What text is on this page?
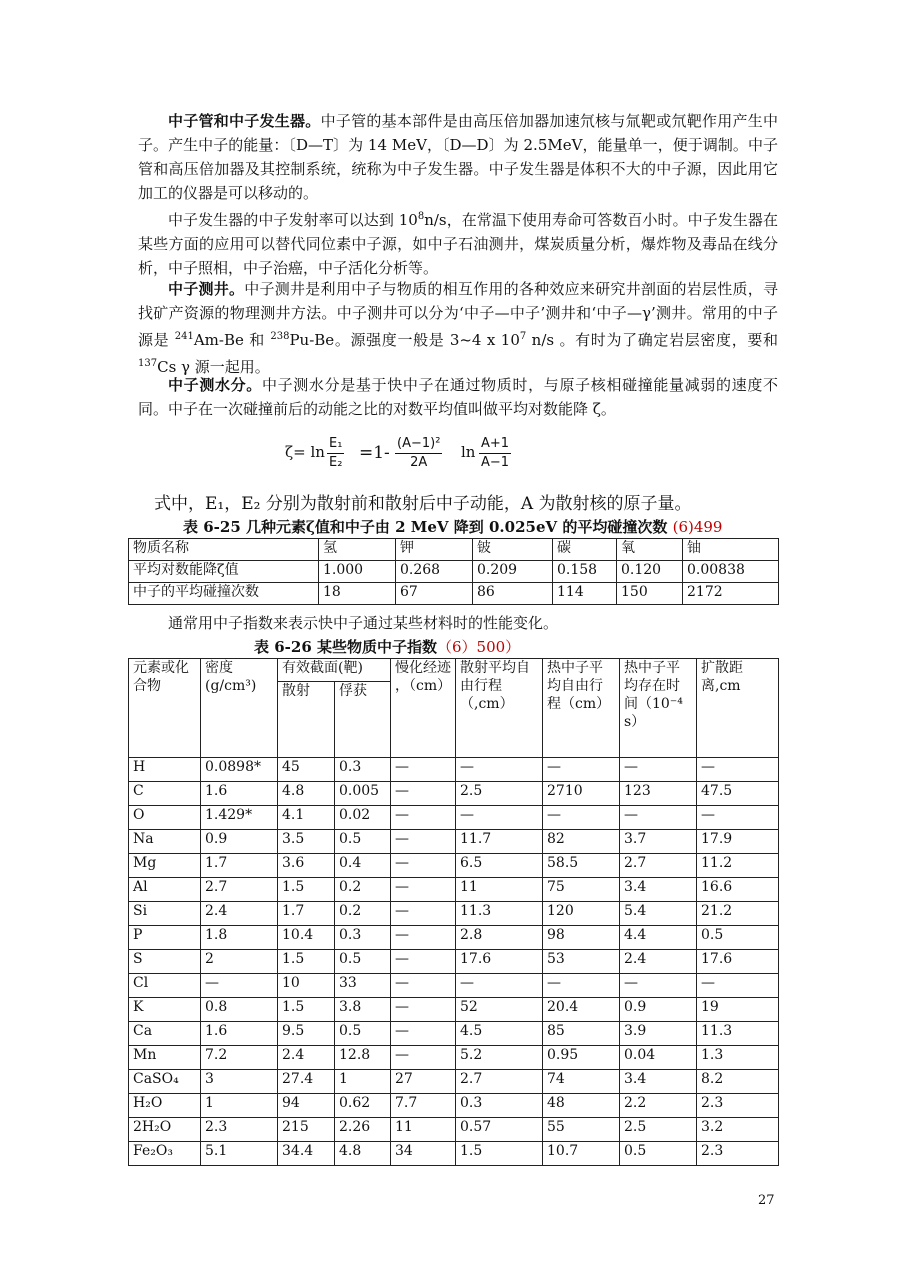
中子管和中子发生器。中子管的基本部件是由高压倍加器加速氘核与氚靶或氘靶作用产生中子。产生中子的能量：〔D—T〕为 14 MeV，〔D—D〕为 2.5MeV，能量单一，便于调制。中子管和高压倍加器及其控制系统，统称为中子发生器。中子发生器是体积不大的中子源，因此用它加工的仪器是可以移动的。

中子发生器的中子发射率可以达到 $10^8n/s$，在常温下使用寿命可答数百小时。中子发生器在某些方面的应用可以替代同位素中子源，如中子石油测井，煤炭质量分析，爆炸物及毒品在线分析，中子照相，中子治癌，中子活化分析等。

中子测井。中子测井是利用中子与物质的相互作用的各种效应来研究井剖面的岩层性质，寻找矿产资源的物理测井方法。中子测井可以分为‘中子—中子’测井和‘中子—γ’测井。常用的中子源是 $^{241}$Am-Be 和 $^{238}$Pu-Be。源强度一般是 3~4 x $10^7$ n/s 。有时为了确定岩层密度，要和 $^{137}$Cs γ 源一起用。

中子测水分。中子测水分是基于快中子在通过物质时，与原子核相碰撞能量减弱的速度不同。中子在一次碰撞前后的动能之比的对数平均值叫做平均对数能降 ζ。

$\zeta= \ln \frac{\text{E₁}}{\text{E₂}} =1- \frac{\text{(A−1)²}}{2A}$ $\ln \frac{A+1}{A-1}$
式中，E₁，E₂ 分别为散射前和散射后中子动能，A 为散射核的原子量。
表 6-25 几种元素ζ值和中子由 2 MeV 降到 0.025eV 的平均碰撞次数 (6)499
物质名称	氢	钾	铍	碳	氧	铀
平均对数能降ζ值	1.000	0.268	0.209	0.158	0.120	0.00838
中子的平均碰撞次数	18	67	86	114	150	2172
通常用中子指数来表示快中子通过某些材料时的性能变化。
表 6-26 某些物质中子指数（6）500）
元素或化合物	密度(g/cm³)	有效截面(靶)		慢化经迹 ，（cm）	散射平均自由行程（,cm）	热中子平均自由行程（cm）	热中子平均存在时间（10⁻⁴ s）	扩散距离,cm
		散射	俘获					
H	0.0898*	45	0.3	—	—	—	—	—
C	1.6	4.8	0.005	—	2.5	2710	123	47.5
O	1.429*	4.1	0.02	—	—	—	—	—
Na	0.9	3.5	0.5	—	11.7	82	3.7	17.9
Mg	1.7	3.6	0.4	—	6.5	58.5	2.7	11.2
Al	2.7	1.5	0.2	—	11	75	3.4	16.6
Si	2.4	1.7	0.2	—	11.3	120	5.4	21.2
P	1.8	10.4	0.3	—	2.8	98	4.4	0.5
S	2	1.5	0.5	—	17.6	53	2.4	17.6
Cl	—	10	33	—	—	—	—	—
K	0.8	1.5	3.8	—	52	20.4	0.9	19
Ca	1.6	9.5	0.5	—	4.5	85	3.9	11.3
Mn	7.2	2.4	12.8	—	5.2	0.95	0.04	1.3
CaSO₄	3	27.4	1	27	2.7	74	3.4	8.2
H₂O	1	94	0.62	7.7	0.3	48	2.2	2.3
2H₂O	2.3	215	2.26	11	0.57	55	2.5	3.2
Fe₂O₃	5.1	34.4	4.8	34	1.5	10.7	0.5	2.3
27
